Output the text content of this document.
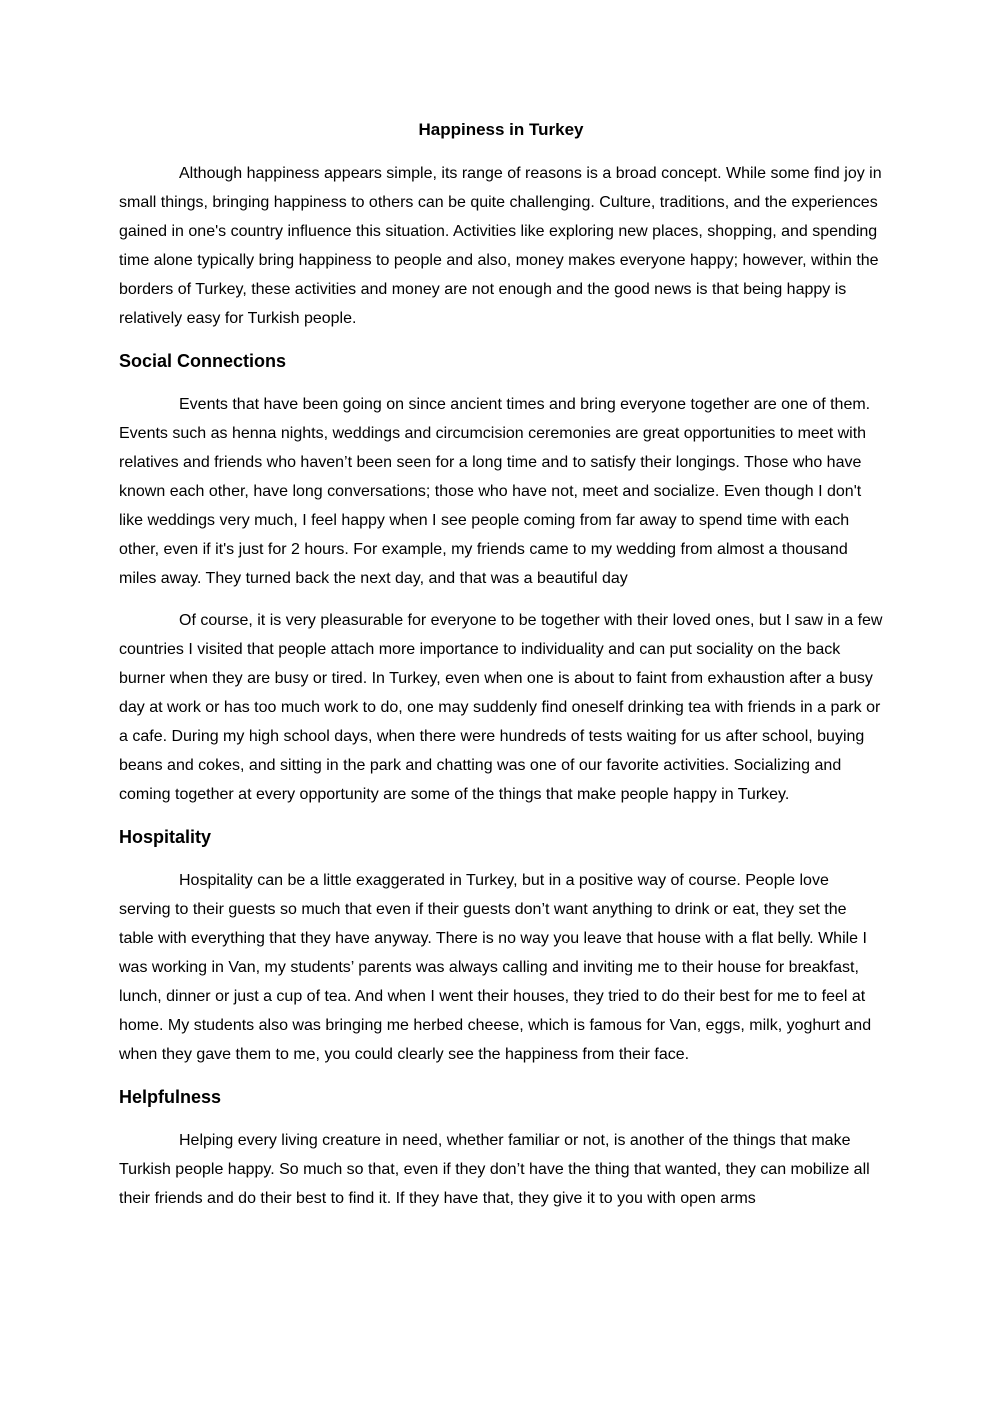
Happiness in Turkey

Although happiness appears simple, its range of reasons is a broad concept. While some find joy in small things, bringing happiness to others can be quite challenging. Culture, traditions, and the experiences gained in one's country influence this situation. Activities like exploring new places, shopping, and spending time alone typically bring happiness to people and also, money makes everyone happy; however, within the borders of Turkey, these activities and money are not enough and the good news is that being happy is relatively easy for Turkish people.

Social Connections

Events that have been going on since ancient times and bring everyone together are one of them. Events such as henna nights, weddings and circumcision ceremonies are great opportunities to meet with relatives and friends who haven’t been seen for a long time and to satisfy their longings. Those who have known each other, have long conversations; those who have not, meet and socialize. Even though I don't like weddings very much, I feel happy when I see people coming from far away to spend time with each other, even if it's just for 2 hours. For example, my friends came to my wedding from almost a thousand miles away. They turned back the next day, and that was a beautiful day

Of course, it is very pleasurable for everyone to be together with their loved ones, but I saw in a few countries I visited that people attach more importance to individuality and can put sociality on the back burner when they are busy or tired. In Turkey, even when one is about to faint from exhaustion after a busy day at work or has too much work to do, one may suddenly find oneself drinking tea with friends in a park or a cafe. During my high school days, when there were hundreds of tests waiting for us after school, buying beans and cokes, and sitting in the park and chatting was one of our favorite activities. Socializing and coming together at every opportunity are some of the things that make people happy in Turkey.

Hospitality

Hospitality can be a little exaggerated in Turkey, but in a positive way of course. People love serving to their guests so much that even if their guests don’t want anything to drink or eat, they set the table with everything that they have anyway. There is no way you leave that house with a flat belly. While I was working in Van, my students’ parents was always calling and inviting me to their house for breakfast, lunch, dinner or just a cup of tea. And when I went their houses, they tried to do their best for me to feel at home. My students also was bringing me herbed cheese, which is famous for Van, eggs, milk, yoghurt and when they gave them to me, you could clearly see the happiness from their face.

Helpfulness

Helping every living creature in need, whether familiar or not, is another of the things that make Turkish people happy. So much so that, even if they don’t have the thing that wanted, they can mobilize all their friends and do their best to find it. If they have that, they give it to you with open arms
